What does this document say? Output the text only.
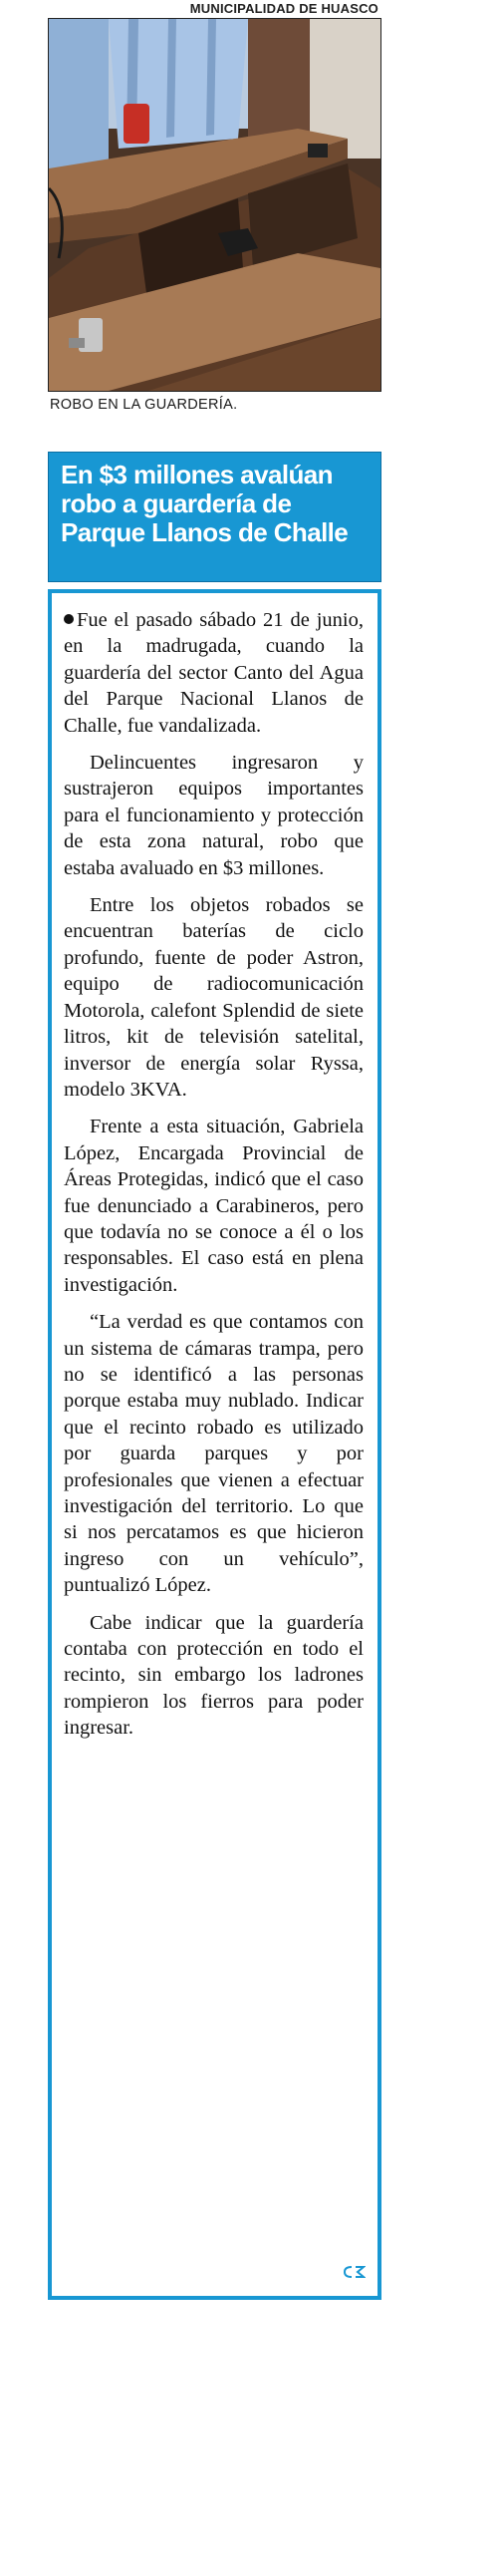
MUNICIPALIDAD DE HUASCO
ROBO EN LA GUARDERÍA.
En $3 millones avalúan robo a guardería de Parque Llanos de Challe

Fue el pasado sábado 21 de junio, en la madrugada, cuando la guardería del sector Canto del Agua del Parque Nacional Llanos de Challe, fue vandalizada.

Delincuentes ingresaron y sustrajeron equipos importantes para el funcionamiento y protección de esta zona natural, robo que estaba avaluado en $3 millones.

Entre los objetos robados se encuentran baterías de ciclo profundo, fuente de poder Astron, equipo de radiocomunicación Motorola, calefont Splendid de siete litros, kit de televisión satelital, inversor de energía solar Ryssa, modelo 3KVA.

Frente a esta situación, Gabriela López, Encargada Provincial de Áreas Protegidas, indicó que el caso fue denunciado a Carabineros, pero que todavía no se conoce a él o los responsables. El caso está en plena investigación.

“La verdad es que contamos con un sistema de cámaras trampa, pero no se identificó a las personas porque estaba muy nublado. Indicar que el recinto robado es utilizado por guarda parques y por profesionales que vienen a efectuar investigación del territorio. Lo que si nos percatamos es que hicieron ingreso con un vehículo”, puntualizó López.

Cabe indicar que la guardería contaba con protección en todo el recinto, sin embargo los ladrones rompieron los fierros para poder ingresar.
